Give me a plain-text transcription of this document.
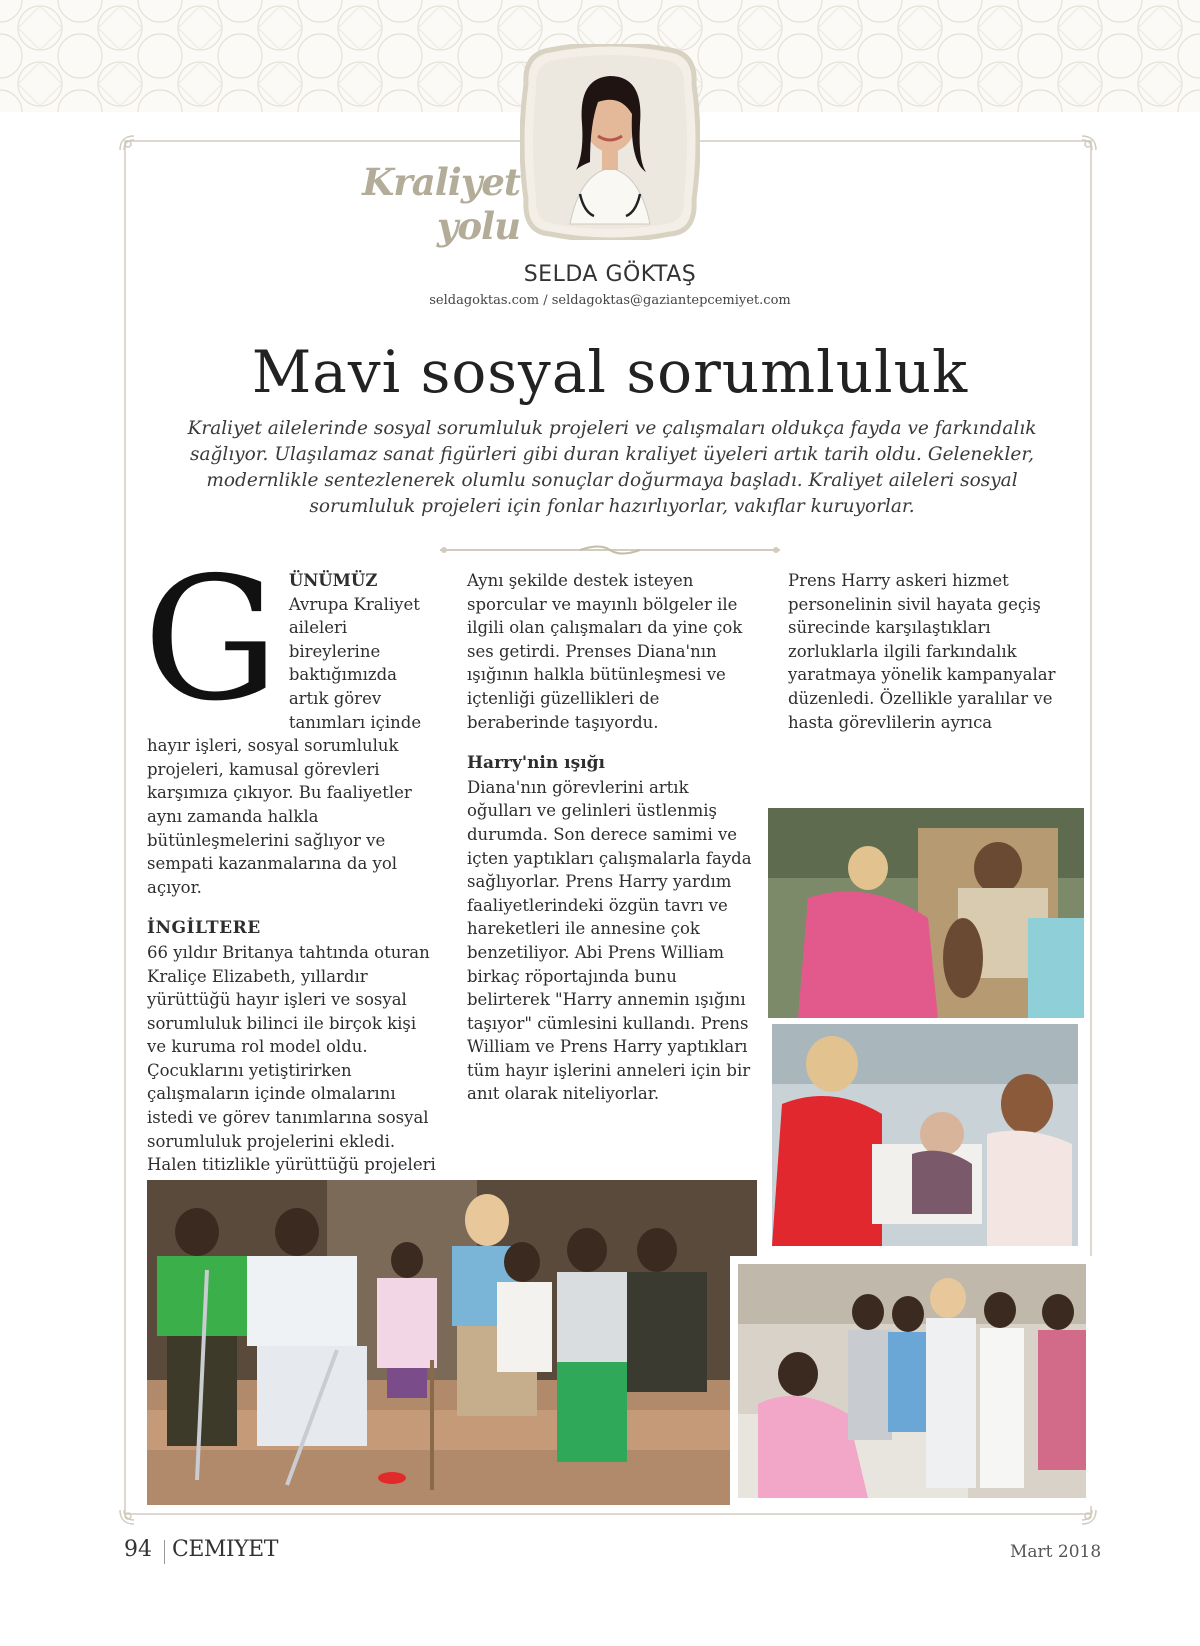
Kraliyet yolu
SELDA GÖKTAŞ
seldagoktas.com / seldagoktas@gaziantepcemiyet.com
Mavi sosyal sorumluluk

Kraliyet ailelerinde sosyal sorumluluk projeleri ve çalışmaları oldukça fayda ve farkındalık sağlıyor. Ulaşılamaz sanat figürleri gibi duran kraliyet üyeleri artık tarih oldu. Gelenekler, modernlikle sentezlenerek olumlu sonuçlar doğurmaya başladı. Kraliyet aileleri sosyal sorumluluk projeleri için fonlar hazırlıyorlar, vakıflar kuruyorlar.

G ÜNÜMÜZ Avrupa Kraliyet aileleri bireylerine baktığımızda artık görev tanımları içinde hayır işleri, sosyal sorumluluk projeleri, kamusal görevleri karşımıza çıkıyor. Bu faaliyetler aynı zamanda halkla bütünleşmelerini sağlıyor ve sempati kazanmalarına da yol açıyor.

İNGİLTERE

66 yıldır Britanya tahtında oturan Kraliçe Elizabeth, yıllardır yürüttüğü hayır işleri ve sosyal sorumluluk bilinci ile birçok kişi ve kuruma rol model oldu. Çocuklarını yetiştirirken çalışmaların içinde olmalarını istedi ve görev tanımlarına sosyal sorumluluk projelerini ekledi. Halen titizlikle yürüttüğü projeleri

Aynı şekilde destek isteyen sporcular ve mayınlı bölgeler ile ilgili olan çalışmaları da yine çok ses getirdi. Prenses Diana'nın ışığının halkla bütünleşmesi ve içtenliği güzellikleri de beraberinde taşıyordu.

Harry'nin ışığı

Diana'nın görevlerini artık oğulları ve gelinleri üstlenmiş durumda. Son derece samimi ve içten yaptıkları çalışmalarla fayda sağlıyorlar. Prens Harry yardım faaliyetlerindeki özgün tavrı ve hareketleri ile annesine çok benzetiliyor. Abi Prens William birkaç röportajında bunu belirterek "Harry annemin ışığını taşıyor" cümlesini kullandı. Prens William ve Prens Harry yaptıkları tüm hayır işlerini anneleri için bir anıt olarak niteliyorlar.

Prens Harry askeri hizmet personelinin sivil hayata geçiş sürecinde karşılaştıkları zorluklarla ilgili farkındalık yaratmaya yönelik kampanyalar düzenledi. Özellikle yaralılar ve hasta görevlilerin ayrıca

94 CEMIYET	Mart 2018
